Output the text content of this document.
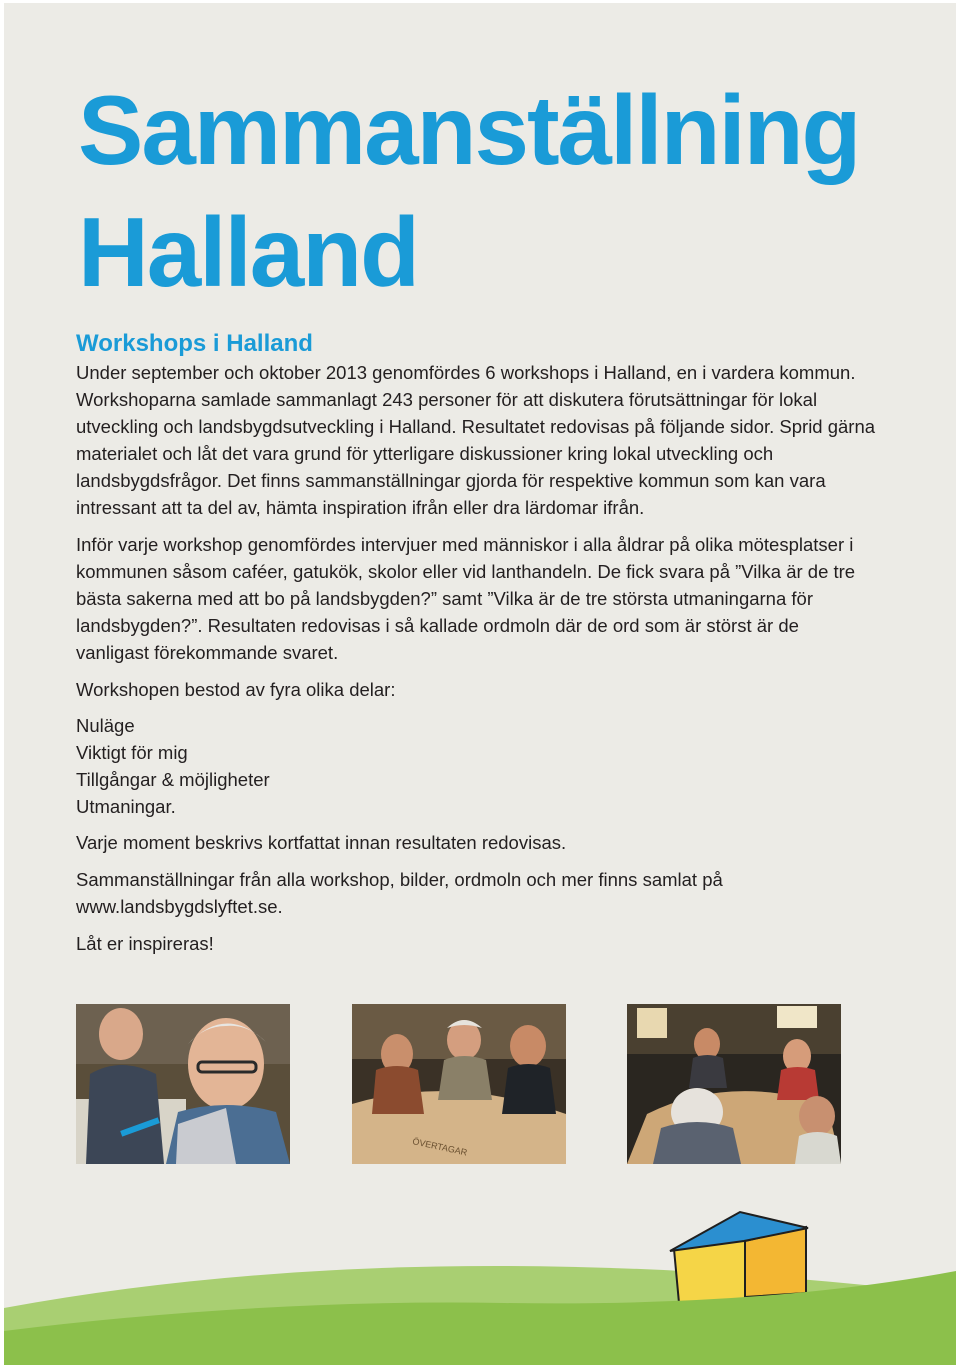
Sammanställning
Halland
Workshops i Halland

Under september och oktober 2013 genomfördes 6 workshops i Halland, en i vardera kommun. Workshoparna samlade sammanlagt 243 personer för att diskutera förutsättningar för lokal utveckling och landsbygdsutveckling i Halland. Resultatet redovisas på följande sidor. Sprid gärna materialet och låt det vara grund för ytterligare diskussioner kring lokal utveckling och landsbygdsfrågor. Det finns sammanställningar gjorda för respektive kommun som kan vara intressant att ta del av, hämta inspiration ifrån eller dra lärdomar ifrån.

Inför varje workshop genomfördes intervjuer med människor i alla åldrar på olika mötesplatser i kommunen såsom caféer, gatukök, skolor eller vid lanthandeln. De fick svara på ”Vilka är de tre bästa sakerna med att bo på landsbygden?” samt ”Vilka är de tre största utmaningarna för landsbygden?”. Resultaten redovisas i så kallade ordmoln där de ord som är störst är de vanligast förekommande svaret.

Workshopen bestod av fyra olika delar:

Nuläge
Viktigt för mig
Tillgångar & möjligheter
Utmaningar.

Varje moment beskrivs kortfattat innan resultaten redovisas.

Sammanställningar från alla workshop, bilder, ordmoln och mer finns samlat på www.landsbygdslyftet.se.

Låt er inspireras!

ÖVERTAGAR
